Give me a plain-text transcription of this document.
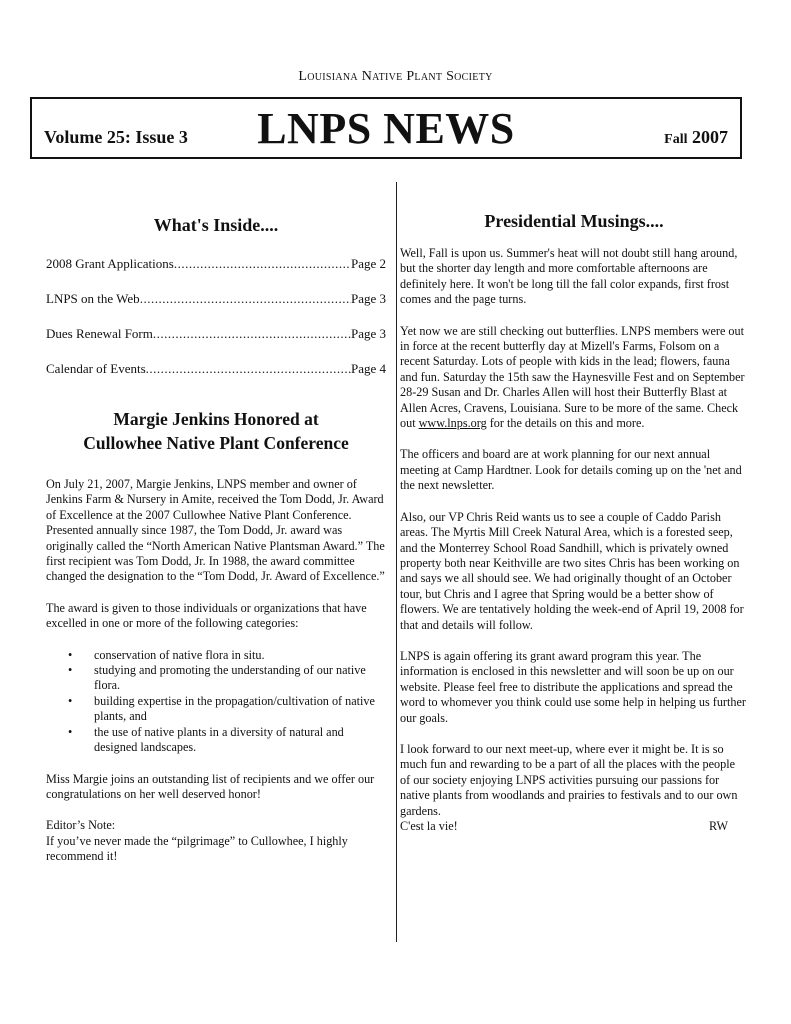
Louisiana Native Plant Society
Volume 25: Issue 3	LNPS NEWS	Fall 2007
What's Inside....
2008 Grant Applications .....	Page 2
LNPS on the Web .....	Page 3
Dues Renewal Form .....	Page 3
Calendar of Events .....	Page 4
Margie Jenkins Honored at
Cullowhee Native Plant Conference

On July 21, 2007, Margie Jenkins, LNPS member and owner of Jenkins Farm & Nursery in Amite, received the Tom Dodd, Jr. Award of Excellence at the 2007 Cullowhee Native Plant Conference. Presented annually since 1987, the Tom Dodd, Jr. award was originally called the “North American Native Plantsman Award.” The first recipient was Tom Dodd, Jr. In 1988, the award committee changed the designation to the “Tom Dodd, Jr. Award of Excellence.”

The award is given to those individuals or organizations that have excelled in one or more of the following categories:

• conservation of native flora in situ.
• studying and promoting the understanding of our native flora.
• building expertise in the propagation/cultivation of native plants, and
• the use of native plants in a diversity of natural and designed landscapes.

Miss Margie joins an outstanding list of recipients and we offer our congratulations on her well deserved honor!

Editor’s Note:
If you’ve never made the “pilgrimage” to Cullowhee, I highly recommend it!

Presidential Musings....

Well, Fall is upon us. Summer's heat will not doubt still hang around, but the shorter day length and more comfortable afternoons are definitely here. It won't be long till the fall color expands, first frost comes and the page turns.

Yet now we are still checking out butterflies. LNPS members were out in force at the recent butterfly day at Mizell's Farms, Folsom on a recent Saturday. Lots of people with kids in the lead; flowers, fauna and fun. Saturday the 15th saw the Haynesville Fest and on September 28-29 Susan and Dr. Charles Allen will host their Butterfly Blast at Allen Acres, Cravens, Louisiana. Sure to be more of the same. Check out www.lnps.org for the details on this and more.

The officers and board are at work planning for our next annual meeting at Camp Hardtner. Look for details coming up on the 'net and the next newsletter.

Also, our VP Chris Reid wants us to see a couple of Caddo Parish areas. The Myrtis Mill Creek Natural Area, which is a forested seep, and the Monterrey School Road Sandhill, which is privately owned property both near Keithville are two sites Chris has been working on and says we all should see. We had originally thought of an October tour, but Chris and I agree that Spring would be a better show of flowers. We are tentatively holding the week-end of April 19, 2008 for that and details will follow.

LNPS is again offering its grant award program this year. The information is enclosed in this newsletter and will soon be up on our website. Please feel free to distribute the applications and spread the word to whomever you think could use some help in helping us further our goals.

I look forward to our next meet-up, where ever it might be. It is so much fun and rewarding to be a part of all the places with the people of our society enjoying LNPS activities pursuing our passions for native plants from woodlands and prairies to festivals and to our own gardens.

C'est la vie!	RW
